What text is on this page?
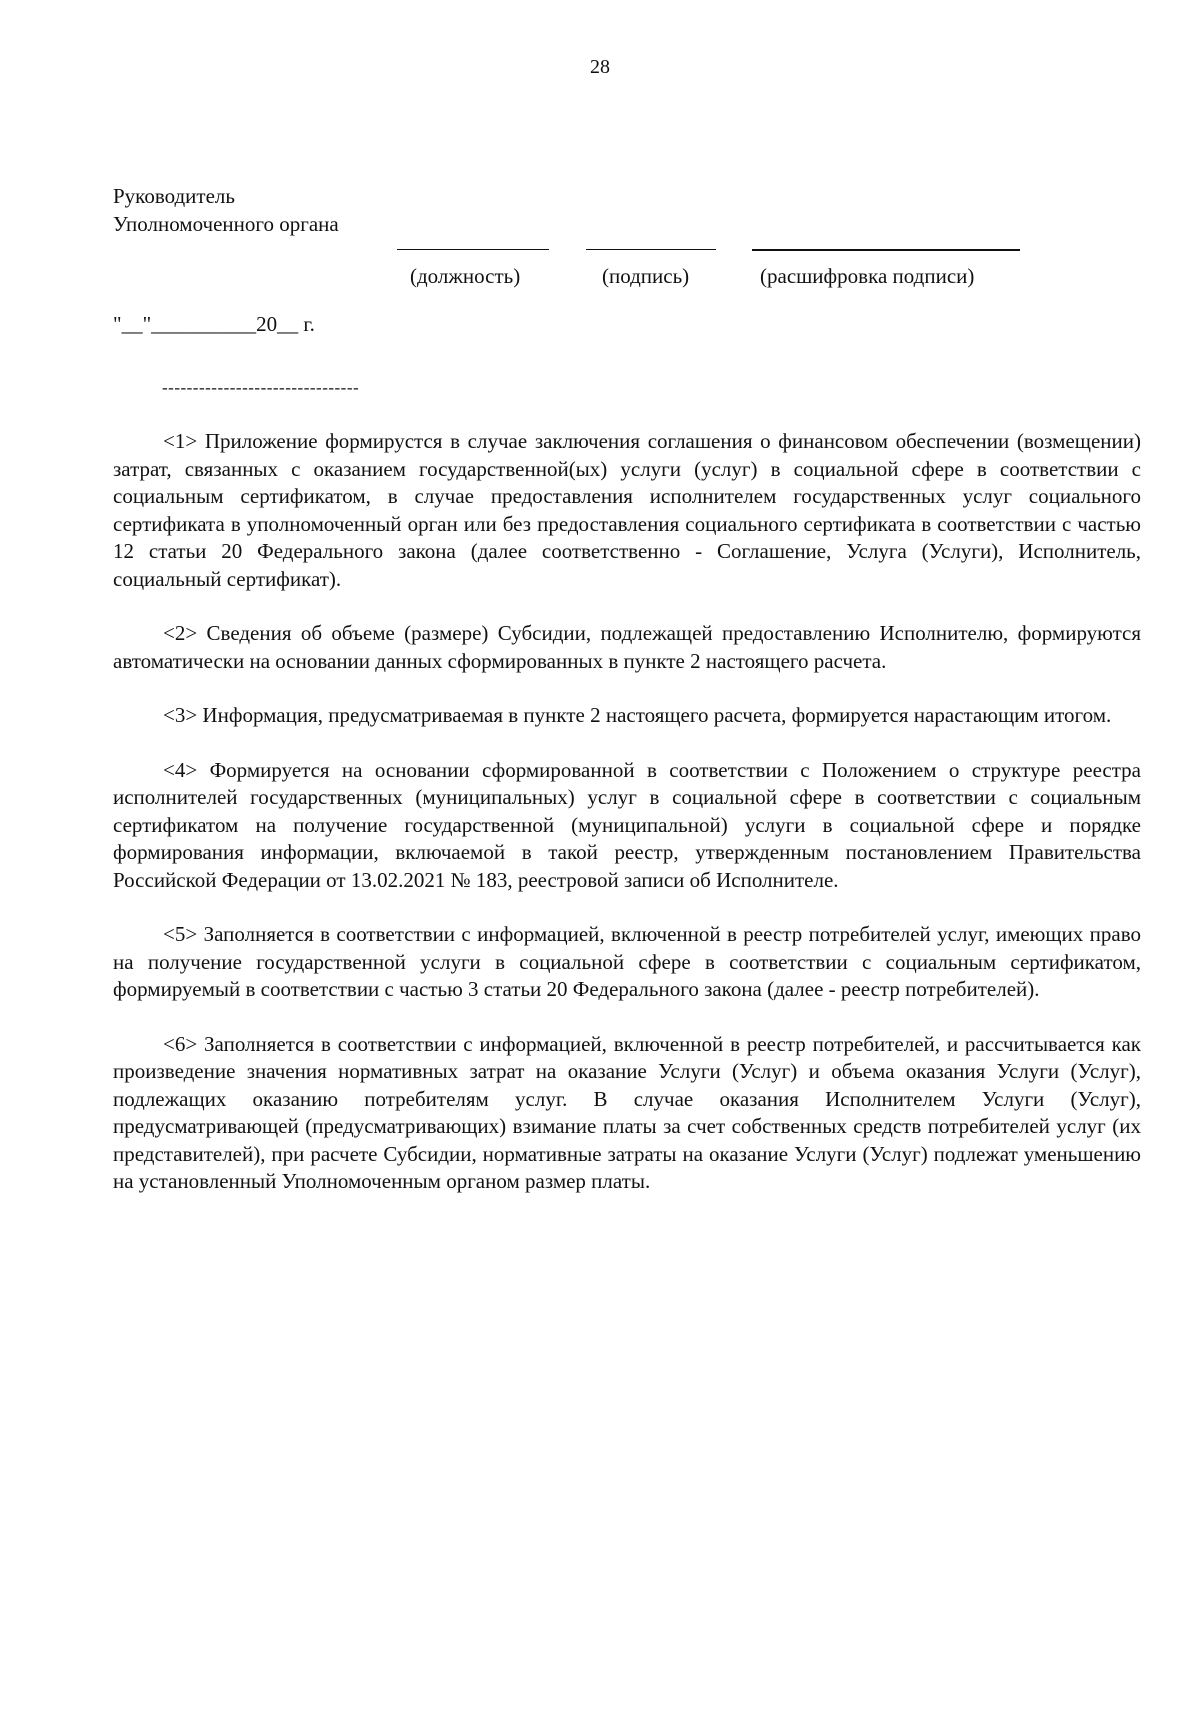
28
Руководитель
Уполномоченного органа
(должность)	(подпись)	(расшифровка подписи)
"__"__________20__ г.
--------------------------------

<1> Приложение формирустся в случае заключения соглашения о финансовом обеспечении (возмещении) затрат, связанных с оказанием государственной(ых) услуги (услуг) в социальной сфере в соответствии с социальным сертификатом, в случае предоставления исполнителем государственных услуг социального сертификата в уполномоченный орган или без предоставления социального сертификата в соответствии с частью 12 статьи 20 Федерального закона (далее соответственно - Соглашение, Услуга (Услуги), Исполнитель, социальный сертификат).

<2> Сведения об объеме (размере) Субсидии, подлежащей предоставлению Исполнителю, формируются автоматически на основании данных сформированных в пункте 2 настоящего расчета.

<3> Информация, предусматриваемая в пункте 2 настоящего расчета, формируется нарастающим итогом.

<4> Формируется на основании сформированной в соответствии с Положением о структуре реестра исполнителей государственных (муниципальных) услуг в социальной сфере в соответствии с социальным сертификатом на получение государственной (муниципальной) услуги в социальной сфере и порядке формирования информации, включаемой в такой реестр, утвержденным постановлением Правительства Российской Федерации от 13.02.2021 № 183, реестровой записи об Исполнителе.

<5> Заполняется в соответствии с информацией, включенной в реестр потребителей услуг, имеющих право на получение государственной услуги в социальной сфере в соответствии с социальным сертификатом, формируемый в соответствии с частью 3 статьи 20 Федерального закона (далее - реестр потребителей).

<6> Заполняется в соответствии с информацией, включенной в реестр потребителей, и рассчитывается как произведение значения нормативных затрат на оказание Услуги (Услуг) и объема оказания Услуги (Услуг), подлежащих оказанию потребителям услуг. В случае оказания Исполнителем Услуги (Услуг), предусматривающей (предусматривающих) взимание платы за счет собственных средств потребителей услуг (их представителей), при расчете Субсидии, нормативные затраты на оказание Услуги (Услуг) подлежат уменьшению на установленный Уполномоченным органом размер платы.
